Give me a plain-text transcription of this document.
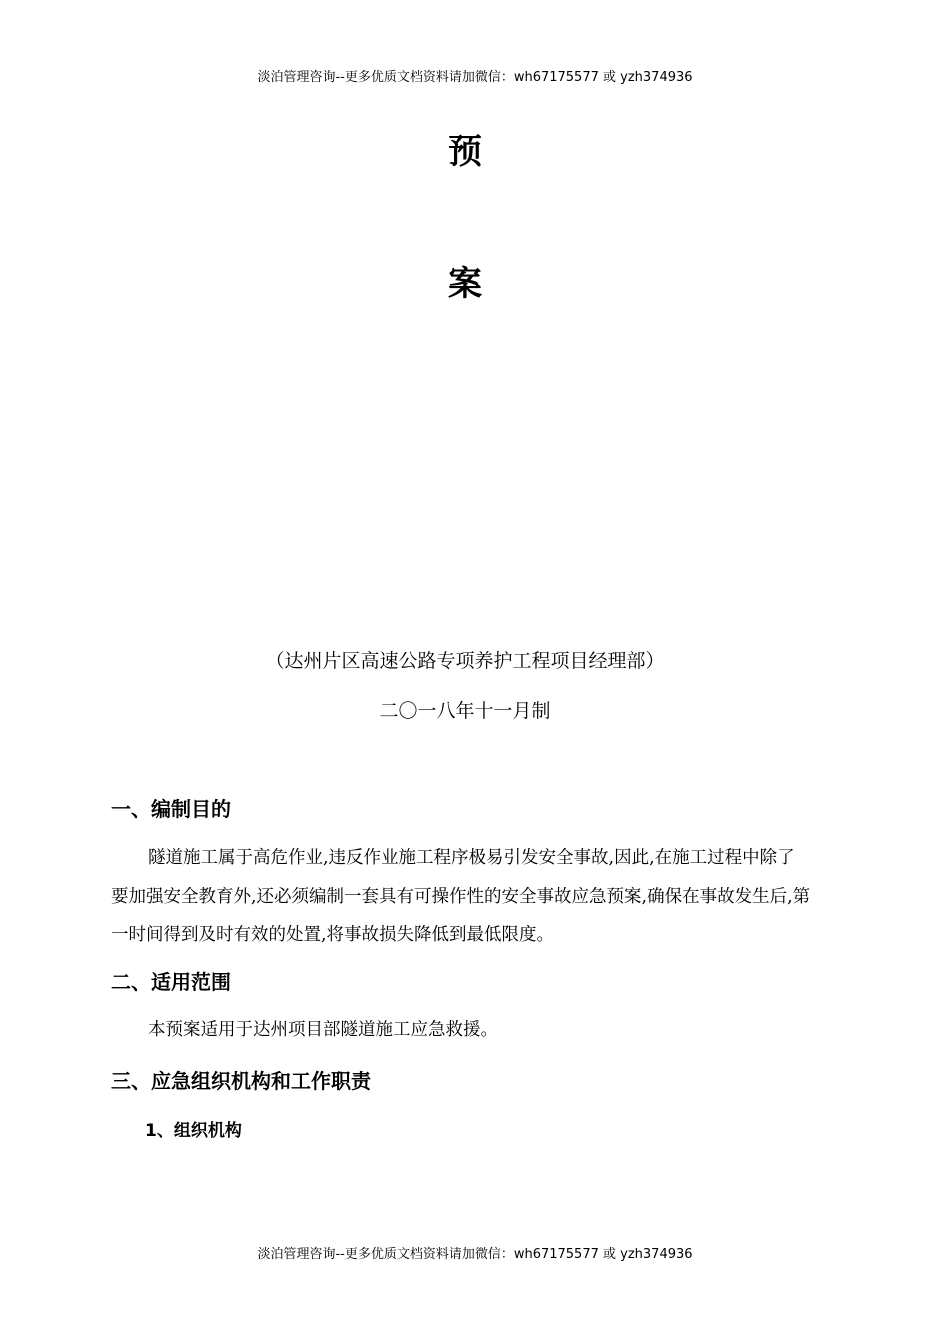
淡泊管理咨询--更多优质文档资料请加微信：wh67175577 或 yzh374936
预
案
（达州片区高速公路专项养护工程项目经理部）
二〇一八年十一月制
一、编制目的

隧道施工属于高危作业,违反作业施工程序极易引发安全事故,因此,在施工过程中除了要加强安全教育外,还必须编制一套具有可操作性的安全事故应急预案,确保在事故发生后,第一时间得到及时有效的处置,将事故损失降低到最低限度。

二、适用范围

本预案适用于达州项目部隧道施工应急救援。

三、应急组织机构和工作职责
1、组织机构
淡泊管理咨询--更多优质文档资料请加微信：wh67175577 或 yzh374936
